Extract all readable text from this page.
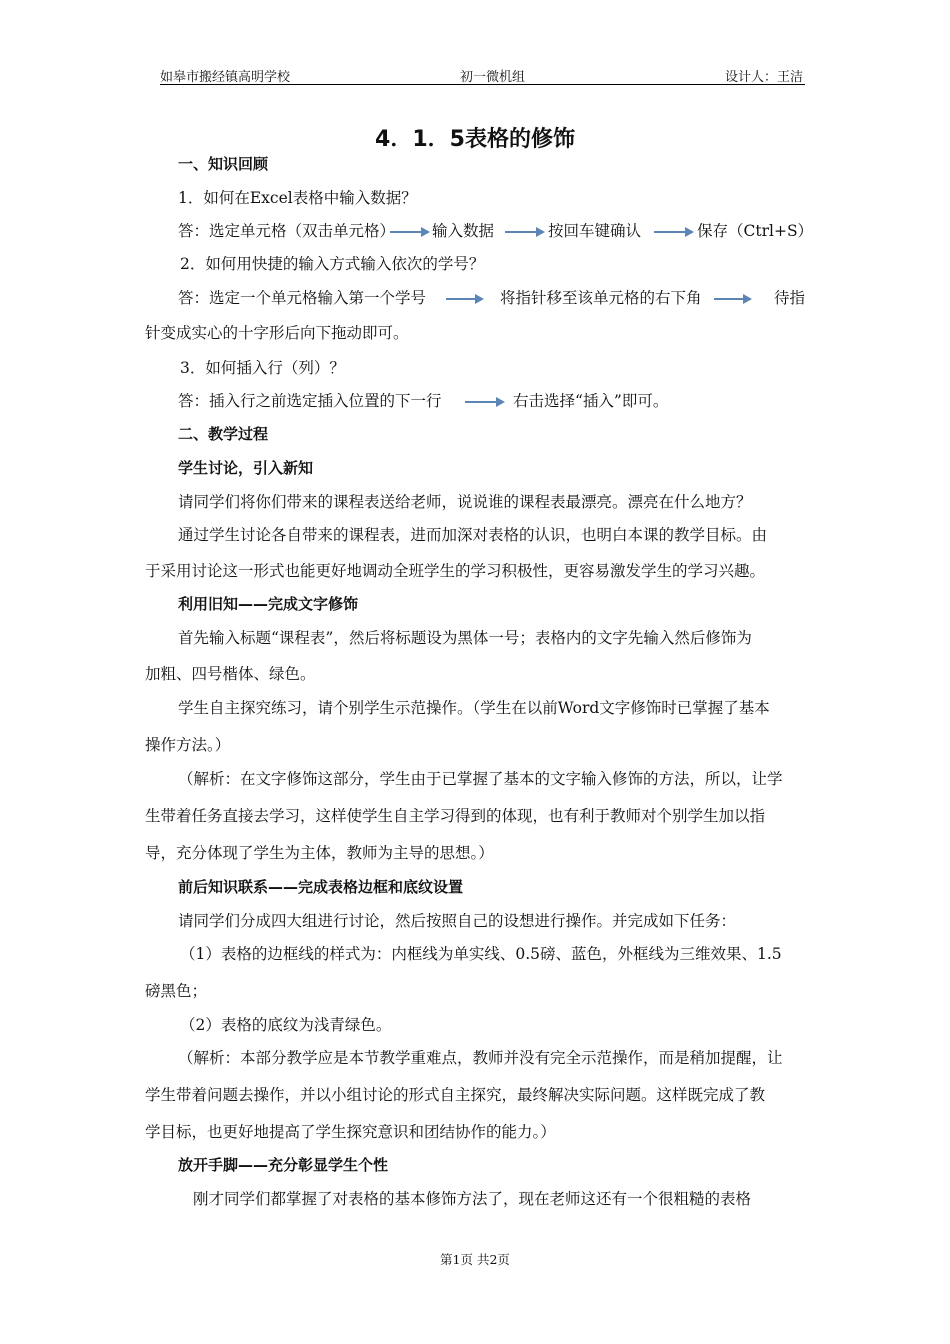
如皋市搬经镇高明学校	初一微机组	设计人：王洁
4．1．5表格的修饰
一、知识回顾
1．如何在Excel表格中输入数据？
答：选定单元格（双击单元格） 输入数据	按回车键确认	保存（Ctrl+S）
2．如何用快捷的输入方式输入依次的学号？
答：选定一个单元格输入第一个学号	将指针移至该单元格的右下角	待指
针变成实心的十字形后向下拖动即可。
3．如何插入行（列）？
答：插入行之前选定插入位置的下一行	右击选择“插入”即可。
二、教学过程
学生讨论，引入新知
请同学们将你们带来的课程表送给老师，说说谁的课程表最漂亮。漂亮在什么地方？
通过学生讨论各自带来的课程表，进而加深对表格的认识，也明白本课的教学目标。由
于采用讨论这一形式也能更好地调动全班学生的学习积极性，更容易激发学生的学习兴趣。
利用旧知——完成文字修饰
首先输入标题“课程表”，然后将标题设为黑体一号；表格内的文字先输入然后修饰为
加粗、四号楷体、绿色。
学生自主探究练习，请个别学生示范操作。（学生在以前Word文字修饰时已掌握了基本
操作方法。）
（解析：在文字修饰这部分，学生由于已掌握了基本的文字输入修饰的方法，所以，让学
生带着任务直接去学习，这样使学生自主学习得到的体现，也有利于教师对个别学生加以指
导，充分体现了学生为主体，教师为主导的思想。）
前后知识联系——完成表格边框和底纹设置
请同学们分成四大组进行讨论，然后按照自己的设想进行操作。并完成如下任务：
（1）表格的边框线的样式为：内框线为单实线、0.5磅、蓝色，外框线为三维效果、1.5
磅黑色；
（2）表格的底纹为浅青绿色。
（解析：本部分教学应是本节教学重难点，教师并没有完全示范操作，而是稍加提醒，让
学生带着问题去操作，并以小组讨论的形式自主探究，最终解决实际问题。这样既完成了教
学目标，也更好地提高了学生探究意识和团结协作的能力。）
放开手脚——充分彰显学生个性
刚才同学们都掌握了对表格的基本修饰方法了，现在老师这还有一个很粗糙的表格
第1页 共2页
